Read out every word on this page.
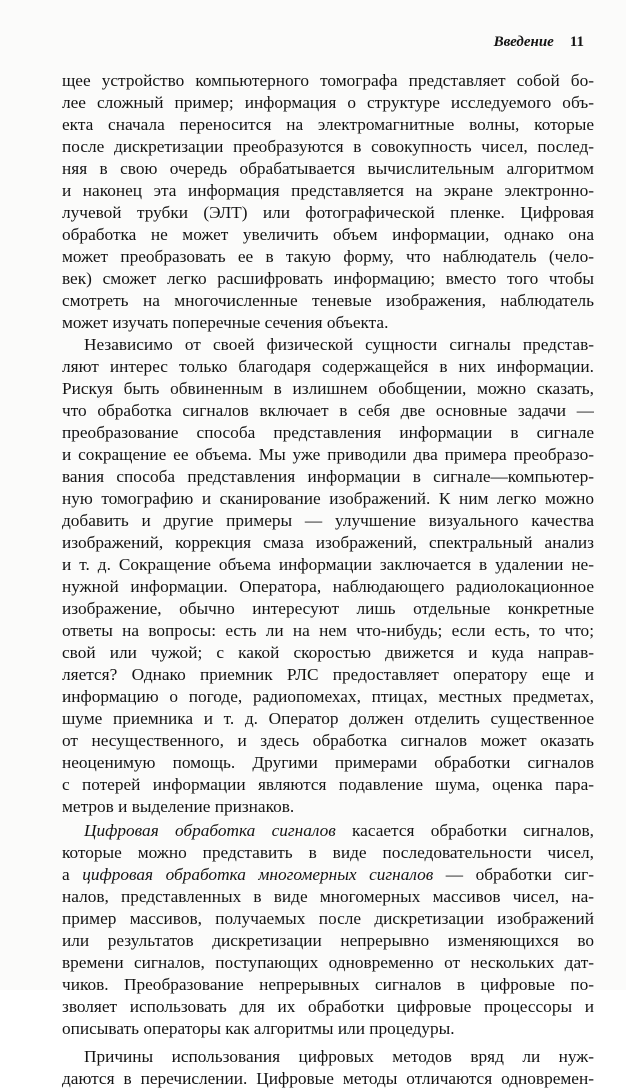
Введение 11
щее устройство компьютерного томографа представляет собой бо-
лее сложный пример; информация о структуре исследуемого объ-
екта сначала переносится на электромагнитные волны, которые
после дискретизации преобразуются в совокупность чисел, послед-
няя в свою очередь обрабатывается вычислительным алгоритмом
и наконец эта информация представляется на экране электронно-
лучевой трубки (ЭЛТ) или фотографической пленке. Цифровая
обработка не может увеличить объем информации, однако она
может преобразовать ее в такую форму, что наблюдатель (чело-
век) сможет легко расшифровать информацию; вместо того чтобы
смотреть на многочисленные теневые изображения, наблюдатель
может изучать поперечные сечения объекта.
Независимо от своей физической сущности сигналы представ-
ляют интерес только благодаря содержащейся в них информации.
Рискуя быть обвиненным в излишнем обобщении, можно сказать,
что обработка сигналов включает в себя две основные задачи —
преобразование способа представления информации в сигнале
и сокращение ее объема. Мы уже приводили два примера преобразо-
вания способа представления информации в сигнале—компьютер-
ную томографию и сканирование изображений. К ним легко можно
добавить и другие примеры — улучшение визуального качества
изображений, коррекция смаза изображений, спектральный анализ
и т. д. Сокращение объема информации заключается в удалении не-
нужной информации. Оператора, наблюдающего радиолокационное
изображение, обычно интересуют лишь отдельные конкретные
ответы на вопросы: есть ли на нем что-нибудь; если есть, то что;
свой или чужой; с какой скоростью движется и куда направ-
ляется? Однако приемник РЛС предоставляет оператору еще и
информацию о погоде, радиопомехах, птицах, местных предметах,
шуме приемника и т. д. Оператор должен отделить существенное
от несущественного, и здесь обработка сигналов может оказать
неоценимую помощь. Другими примерами обработки сигналов
с потерей информации являются подавление шума, оценка пара-
метров и выделение признаков.
Цифровая обработка сигналов касается обработки сигналов,
которые можно представить в виде последовательности чисел,
а цифровая обработка многомерных сигналов — обработки сиг-
налов, представленных в виде многомерных массивов чисел, на-
пример массивов, получаемых после дискретизации изображений
или результатов дискретизации непрерывно изменяющихся во
времени сигналов, поступающих одновременно от нескольких дат-
чиков. Преобразование непрерывных сигналов в цифровые по-
зволяет использовать для их обработки цифровые процессоры и
описывать операторы как алгоритмы или процедуры.
Причины использования цифровых методов вряд ли нуж-
даются в перечислении. Цифровые методы отличаются одновремен-
